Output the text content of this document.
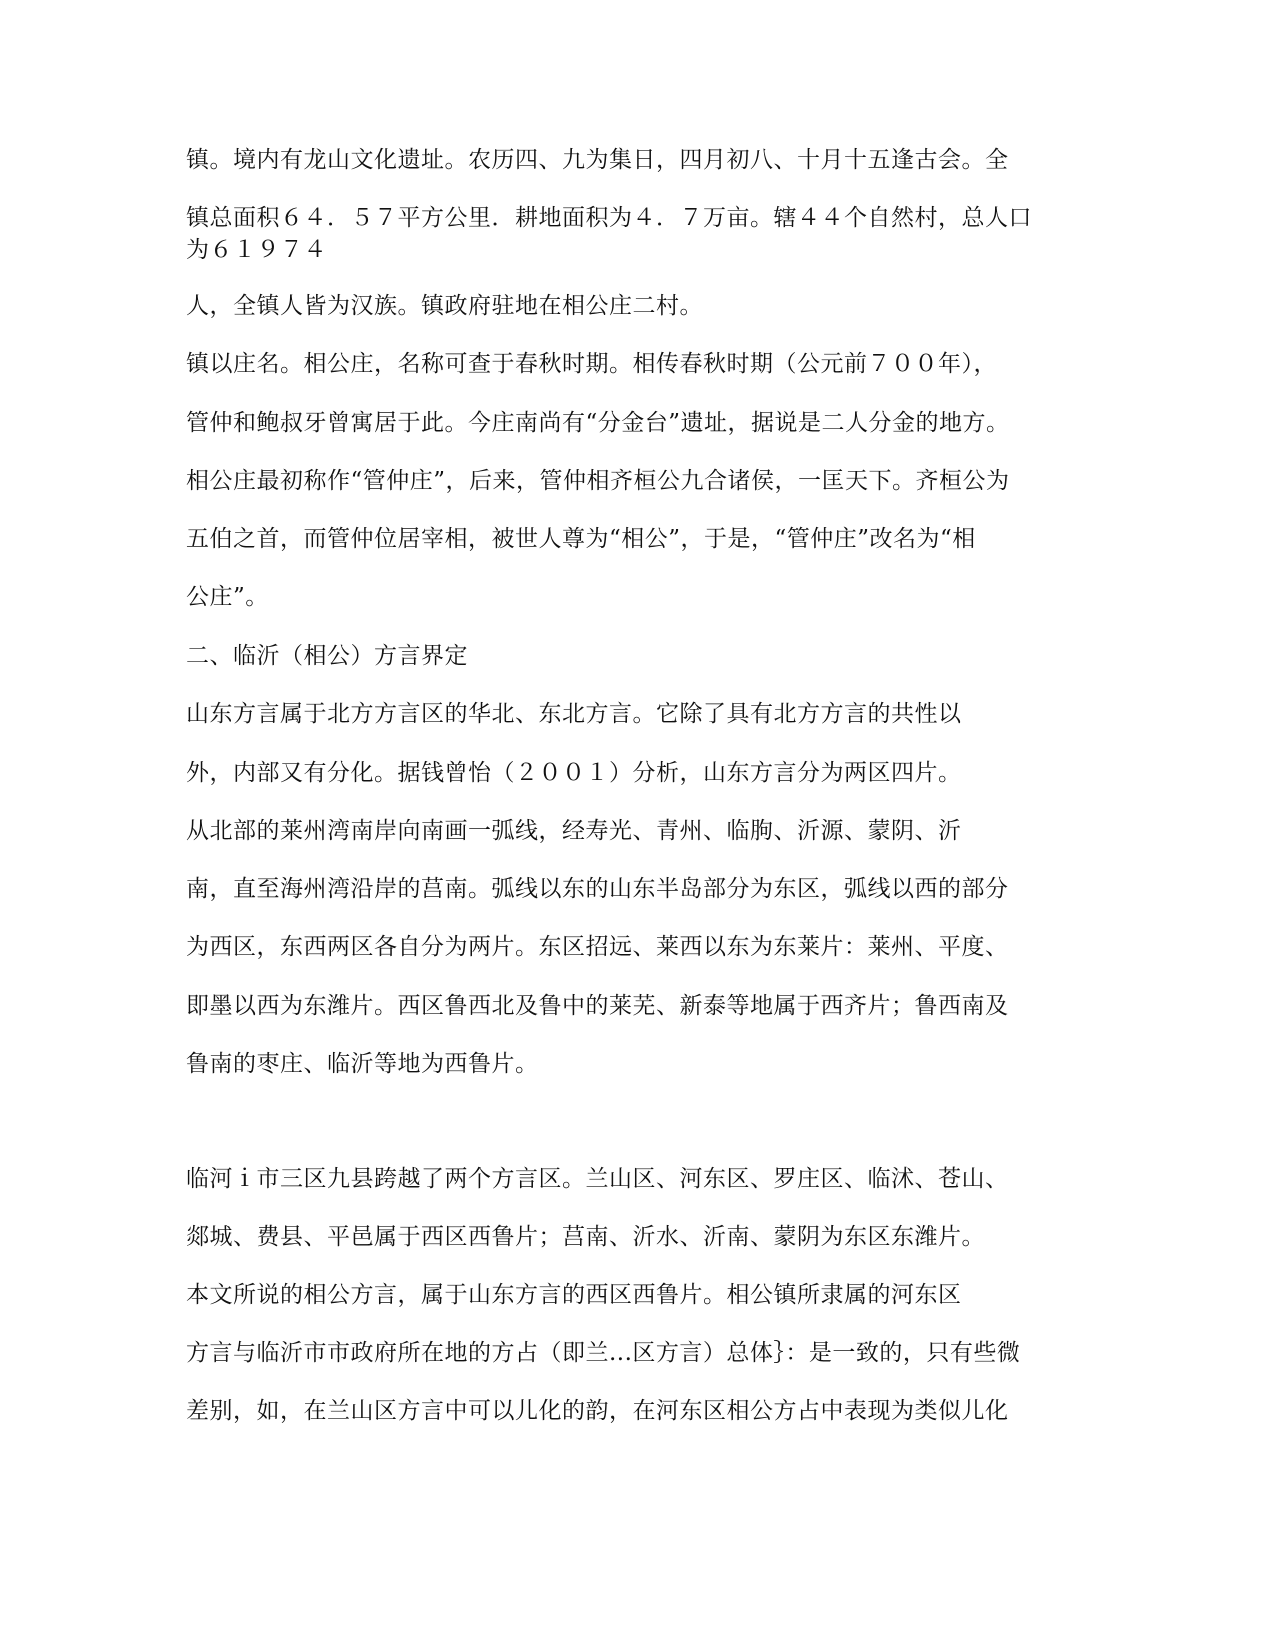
镇。境内有龙山文化遗址。农历四、九为集日，四月初八、十月十五逢古会。全
镇总面积６４．５７平方公里．耕地面积为４．７万亩。辖４４个自然村，总人口
为６１９７４
人，全镇人皆为汉族。镇政府驻地在相公庄二村。
镇以庄名。相公庄，名称可查于春秋时期。相传春秋时期（公元前７００年），
管仲和鲍叔牙曾寓居于此。今庄南尚有“分金台”遗址，据说是二人分金的地方。
相公庄最初称作“管仲庄”，后来，管仲相齐桓公九合诸侯，一匡天下。齐桓公为
五伯之首，而管仲位居宰相，被世人尊为“相公”，于是，“管仲庄”改名为“相
公庄”。
二、临沂（相公）方言界定
山东方言属于北方方言区的华北、东北方言。它除了具有北方方言的共性以
外，内部又有分化。据钱曾怡（２００１）分析，山东方言分为两区四片。
从北部的莱州湾南岸向南画一弧线，经寿光、青州、临朐、沂源、蒙阴、沂
南，直至海州湾沿岸的莒南。弧线以东的山东半岛部分为东区，弧线以西的部分
为西区，东西两区各自分为两片。东区招远、莱西以东为东莱片：莱州、平度、
即墨以西为东潍片。西区鲁西北及鲁中的莱芜、新泰等地属于西齐片；鲁西南及
鲁南的枣庄、临沂等地为西鲁片。
临河ｉ市三区九县跨越了两个方言区。兰山区、河东区、罗庄区、临沭、苍山、
郯城、费县、平邑属于西区西鲁片；莒南、沂水、沂南、蒙阴为东区东潍片。
本文所说的相公方言，属于山东方言的西区西鲁片。相公镇所隶属的河东区
方言与临沂市市政府所在地的方占（即兰...区方言）总体｝：是一致的，只有些微
差别，如，在兰山区方言中可以儿化的韵，在河东区相公方占中表现为类似儿化
